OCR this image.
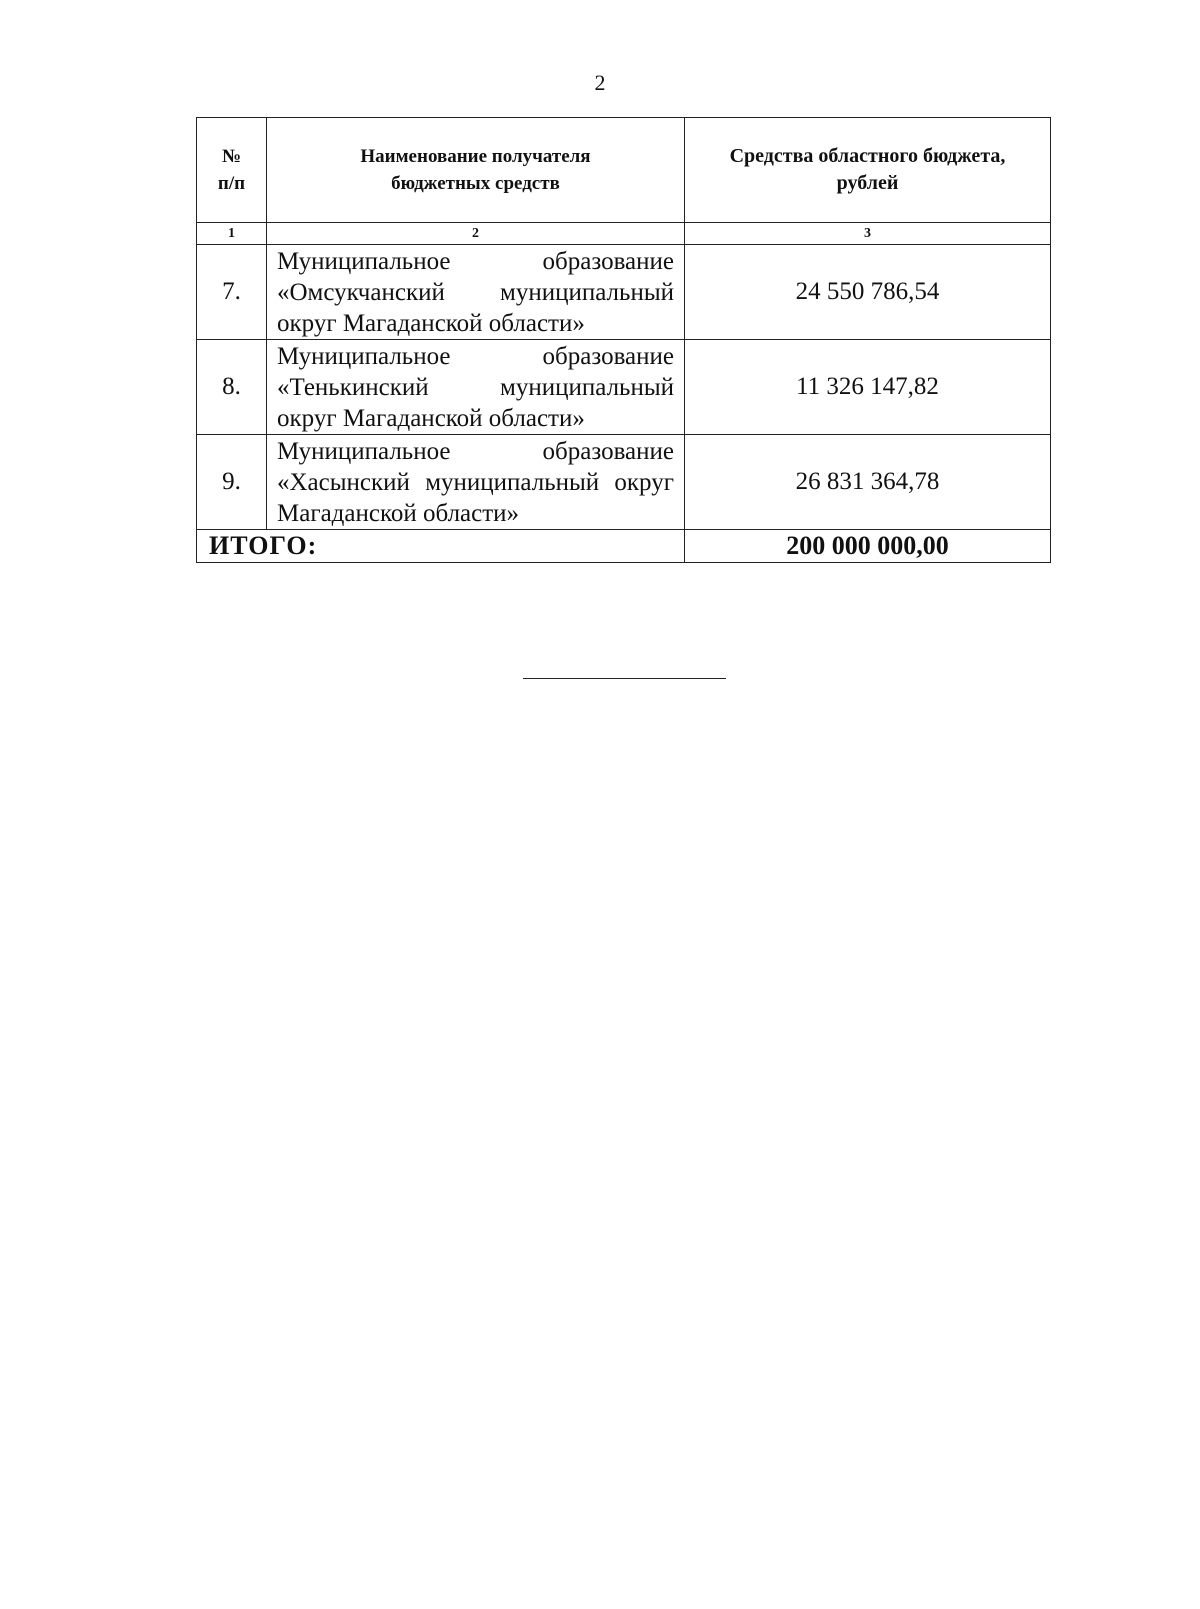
2
№ п/п	Наименование получателя бюджетных средств	Средства областного бюджета, рублей
1	2	3
7.	Муниципальное образование «Омсукчанский муниципальный округ Магаданской области»	24 550 786,54
8.	Муниципальное образование «Тенькинский муниципальный округ Магаданской области»	11 326 147,82
9.	Муниципальное образование «Хасынский муниципальный округ Магаданской области»	26 831 364,78
ИТОГО:		200 000 000,00
